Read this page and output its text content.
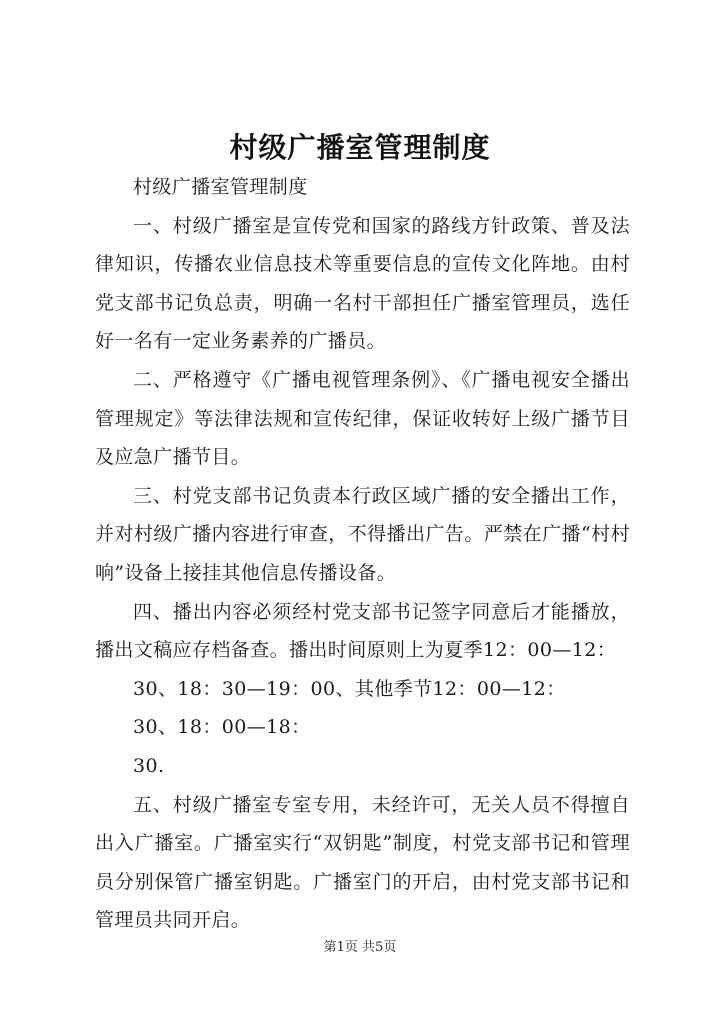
村级广播室管理制度

村级广播室管理制度

一、村级广播室是宣传党和国家的路线方针政策、普及法律知识，传播农业信息技术等重要信息的宣传文化阵地。由村党支部书记负总责，明确一名村干部担任广播室管理员，选任好一名有一定业务素养的广播员。

二、严格遵守《广播电视管理条例》、《广播电视安全播出管理规定》等法律法规和宣传纪律，保证收转好上级广播节目及应急广播节目。

三、村党支部书记负责本行政区域广播的安全播出工作，并对村级广播内容进行审查，不得播出广告。严禁在广播“村村响”设备上接挂其他信息传播设备。

四、播出内容必须经村党支部书记签字同意后才能播放，播出文稿应存档备查。播出时间原则上为夏季12：00—12：

30、18：30—19：00、其他季节12：00—12：

30、18：00—18：

30.

五、村级广播室专室专用，未经许可，无关人员不得擅自出入广播室。广播室实行“双钥匙”制度，村党支部书记和管理员分别保管广播室钥匙。广播室门的开启，由村党支部书记和管理员共同开启。

第1页 共5页
